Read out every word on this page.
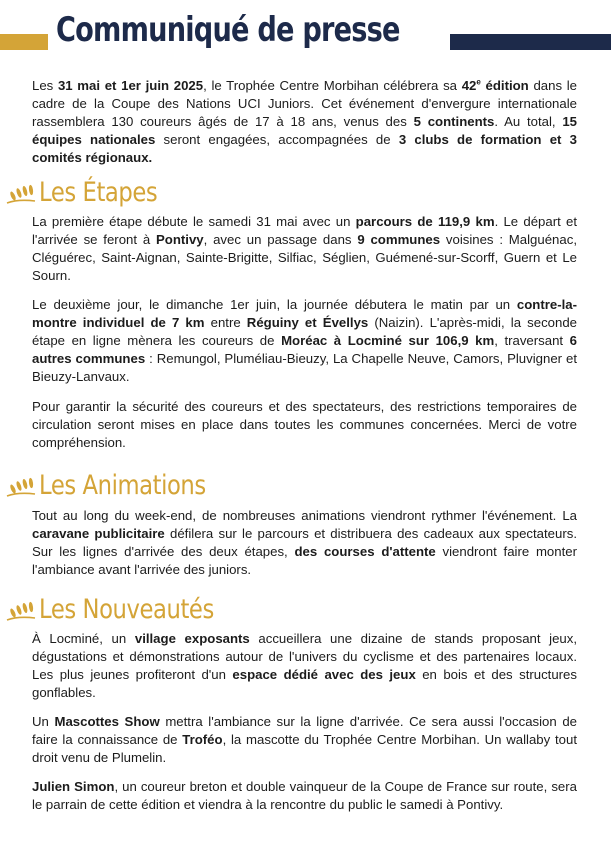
Communiqué de presse

Les 31 mai et 1er juin 2025, le Trophée Centre Morbihan célébrera sa 42e édition dans le cadre de la Coupe des Nations UCI Juniors. Cet événement d'envergure internationale rassemblera 130 coureurs âgés de 17 à 18 ans, venus des 5 continents. Au total, 15 équipes nationales seront engagées, accompagnées de 3 clubs de formation et 3 comités régionaux.

Les Étapes

La première étape débute le samedi 31 mai avec un parcours de 119,9 km. Le départ et l'arrivée se feront à Pontivy, avec un passage dans 9 communes voisines : Malguénac, Cléguérec, Saint-Aignan, Sainte-Brigitte, Silfiac, Séglien, Guémené-sur-Scorff, Guern et Le Sourn.

Le deuxième jour, le dimanche 1er juin, la journée débutera le matin par un contre-la-montre individuel de 7 km entre Réguiny et Évellys (Naizin). L'après-midi, la seconde étape en ligne mènera les coureurs de Moréac à Locminé sur 106,9 km, traversant 6 autres communes : Remungol, Pluméliau-Bieuzy, La Chapelle Neuve, Camors, Pluvigner et Bieuzy-Lanvaux.

Pour garantir la sécurité des coureurs et des spectateurs, des restrictions temporaires de circulation seront mises en place dans toutes les communes concernées. Merci de votre compréhension.

Les Animations

Tout au long du week-end, de nombreuses animations viendront rythmer l'événement. La caravane publicitaire défilera sur le parcours et distribuera des cadeaux aux spectateurs. Sur les lignes d'arrivée des deux étapes, des courses d'attente viendront faire monter l'ambiance avant l'arrivée des juniors.

Les Nouveautés

À Locminé, un village exposants accueillera une dizaine de stands proposant jeux, dégustations et démonstrations autour de l'univers du cyclisme et des partenaires locaux. Les plus jeunes profiteront d'un espace dédié avec des jeux en bois et des structures gonflables.

Un Mascottes Show mettra l'ambiance sur la ligne d'arrivée. Ce sera aussi l'occasion de faire la connaissance de Troféo, la mascotte du Trophée Centre Morbihan. Un wallaby tout droit venu de Plumelin.

Julien Simon, un coureur breton et double vainqueur de la Coupe de France sur route, sera le parrain de cette édition et viendra à la rencontre du public le samedi à Pontivy.
